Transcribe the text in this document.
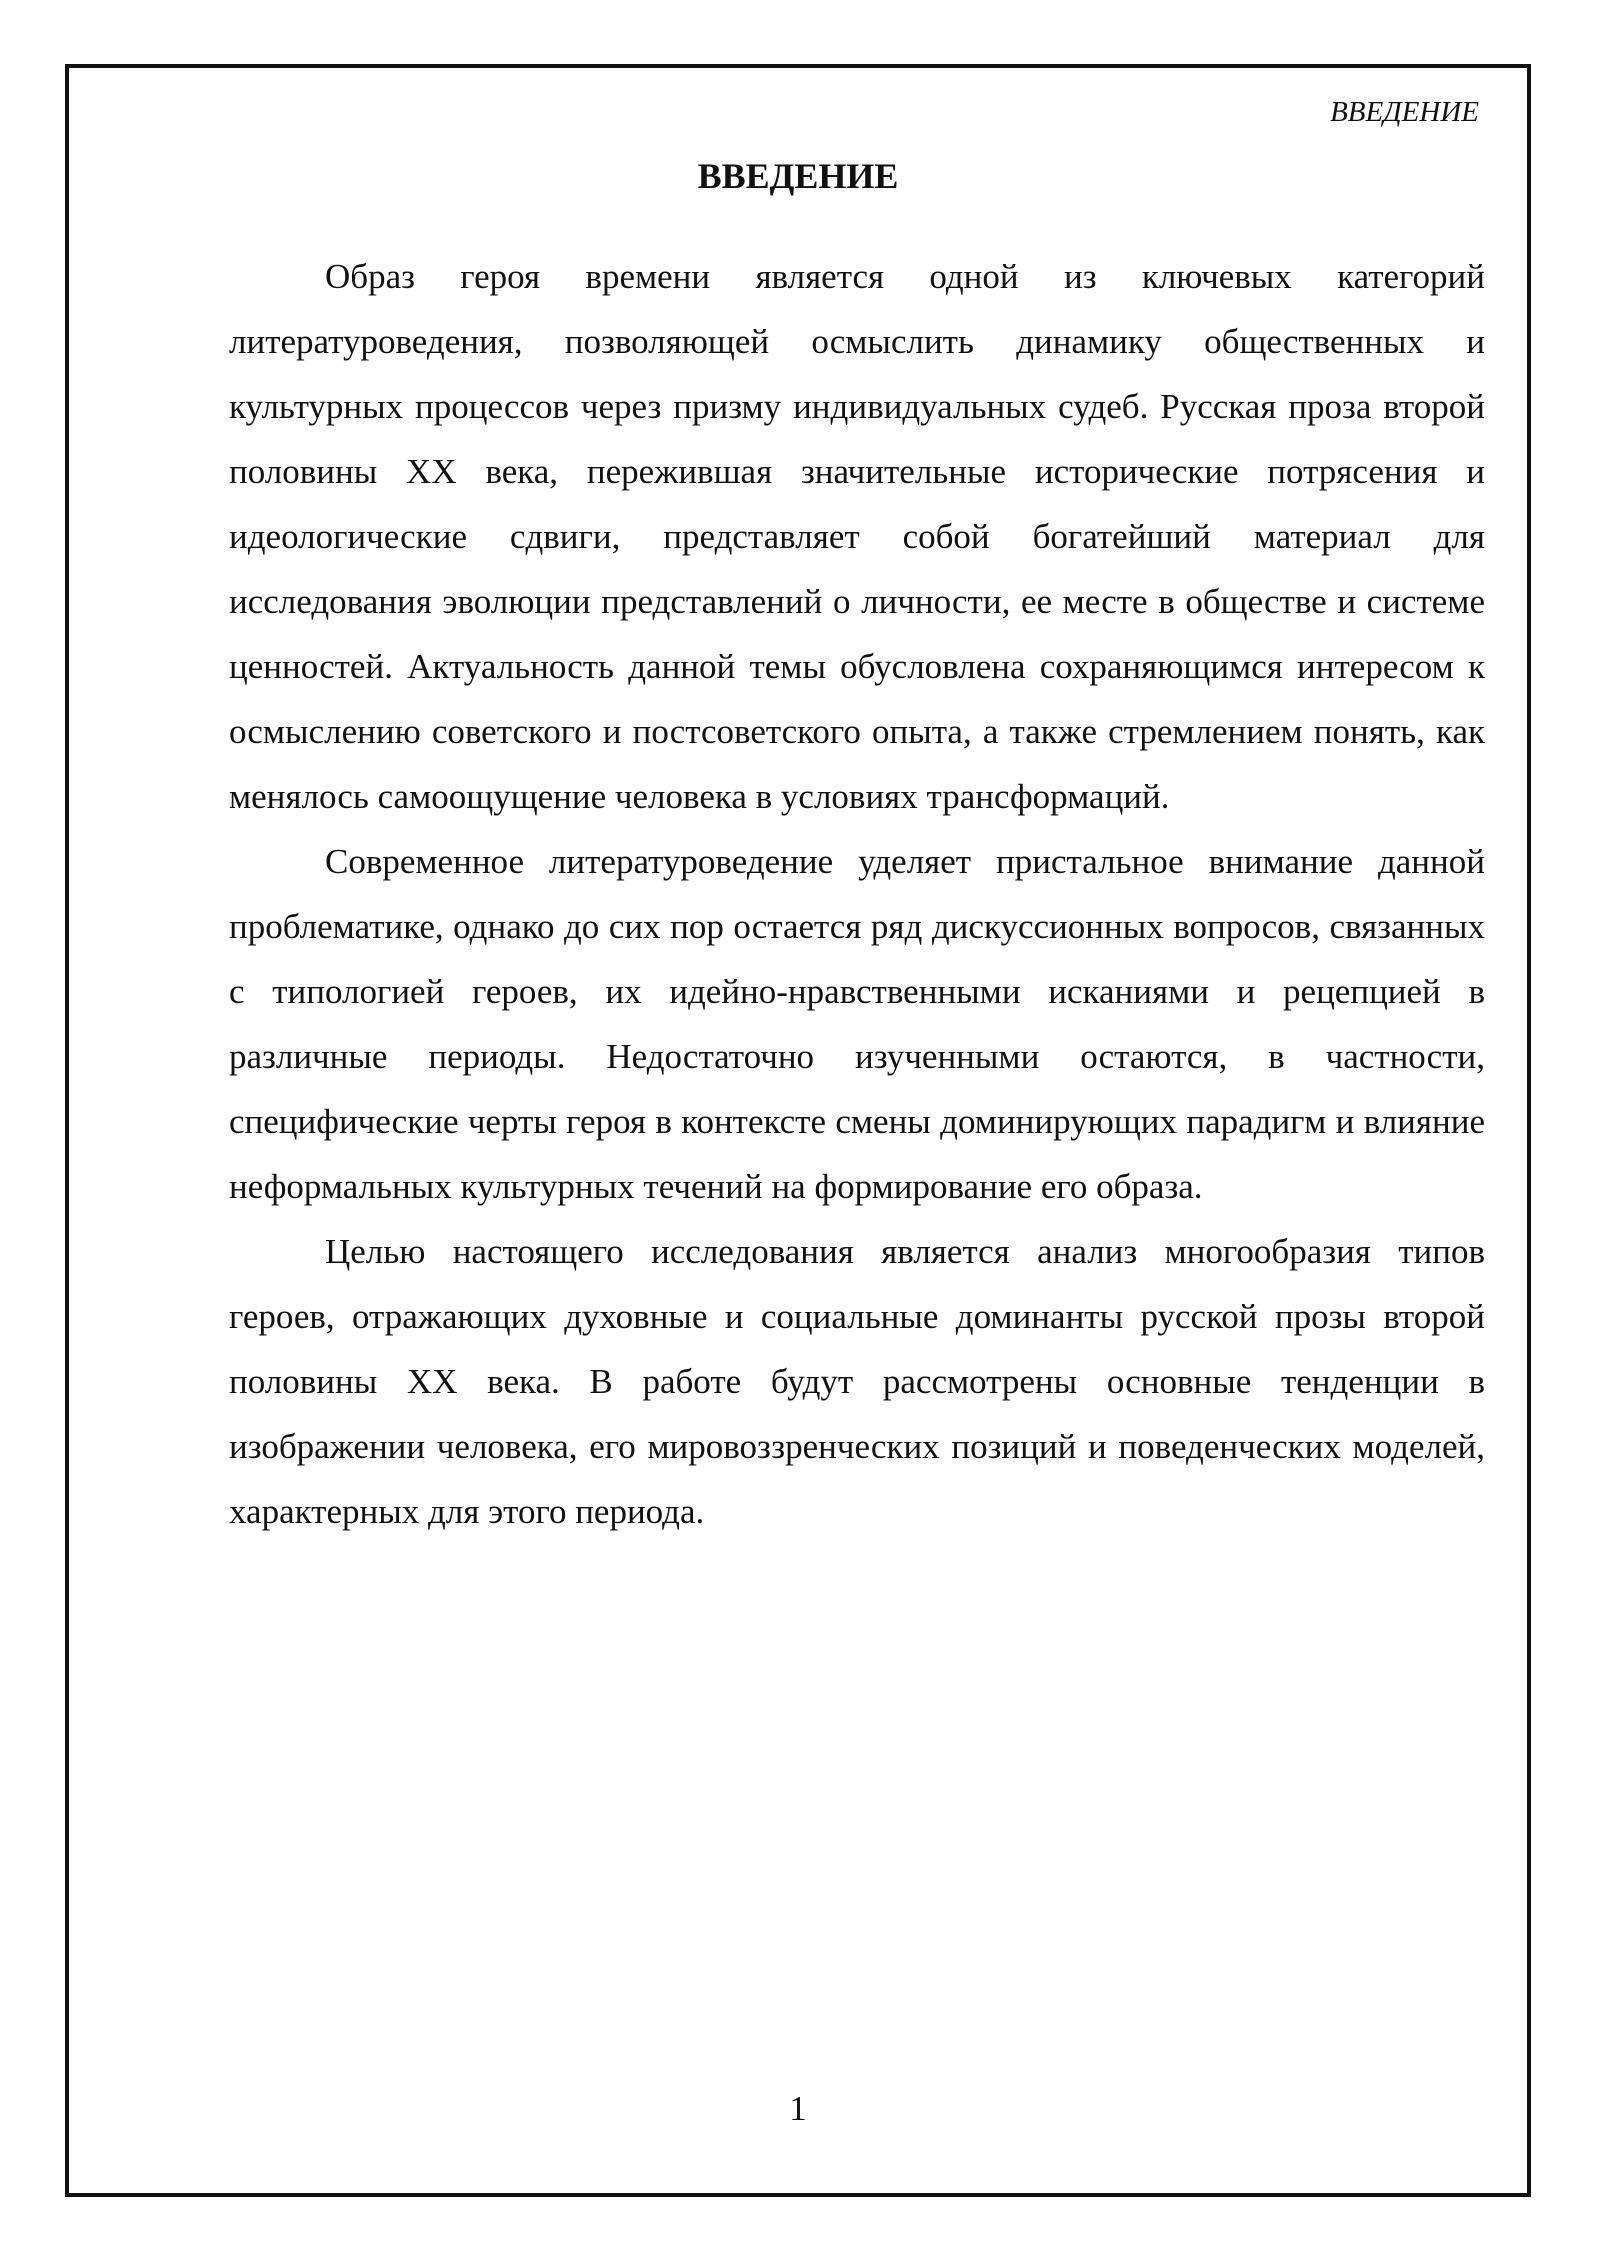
ВВЕДЕНИЕ

ВВЕДЕНИЕ

Образ героя времени является одной из ключевых категорий литературоведения, позволяющей осмыслить динамику общественных и культурных процессов через призму индивидуальных судеб. Русская проза второй половины XX века, пережившая значительные исторические потрясения и идеологические сдвиги, представляет собой богатейший материал для исследования эволюции представлений о личности, ее месте в обществе и системе ценностей. Актуальность данной темы обусловлена сохраняющимся интересом к осмыслению советского и постсоветского опыта, а также стремлением понять, как менялось самоощущение человека в условиях трансформаций.

Современное литературоведение уделяет пристальное внимание данной проблематике, однако до сих пор остается ряд дискуссионных вопросов, связанных с типологией героев, их идейно-нравственными исканиями и рецепцией в различные периоды. Недостаточно изученными остаются, в частности, специфические черты героя в контексте смены доминирующих парадигм и влияние неформальных культурных течений на формирование его образа.

Целью настоящего исследования является анализ многообразия типов героев, отражающих духовные и социальные доминанты русской прозы второй половины XX века. В работе будут рассмотрены основные тенденции в изображении человека, его мировоззренческих позиций и поведенческих моделей, характерных для этого периода.

1
